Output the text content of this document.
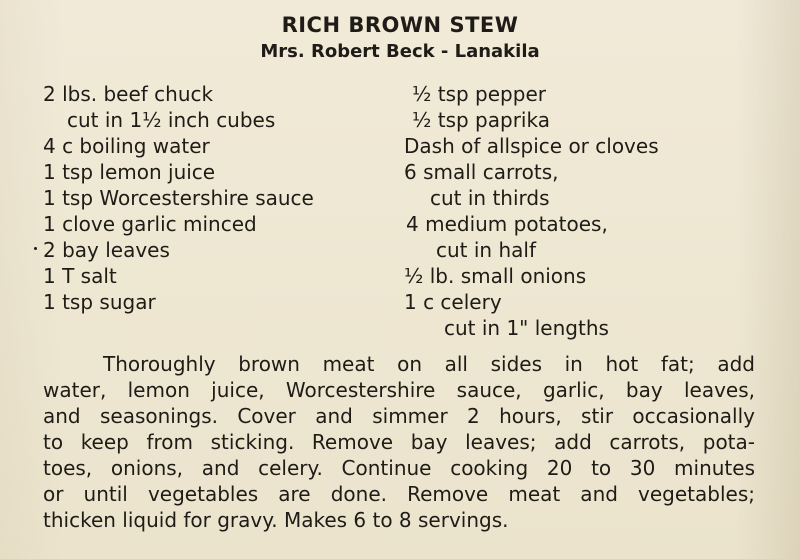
RICH BROWN STEW
Mrs. Robert Beck - Lanakila
2 lbs. beef chuck
cut in 1½ inch cubes
4 c boiling water
1 tsp lemon juice
1 tsp Worcestershire sauce
1 clove garlic minced
2 bay leaves
1 T salt
1 tsp sugar
½ tsp pepper
½ tsp paprika
Dash of allspice or cloves
6 small carrots,
cut in thirds
4 medium potatoes,
cut in half
½ lb. small onions
1 c celery
cut in 1" lengths

Thoroughly brown meat on all sides in hot fat; add
water, lemon juice, Worcestershire sauce, garlic, bay leaves,
and seasonings. Cover and simmer 2 hours, stir occasionally
to keep from sticking. Remove bay leaves; add carrots, pota-
toes, onions, and celery. Continue cooking 20 to 30 minutes
or until vegetables are done. Remove meat and vegetables;
thicken liquid for gravy. Makes 6 to 8 servings.
